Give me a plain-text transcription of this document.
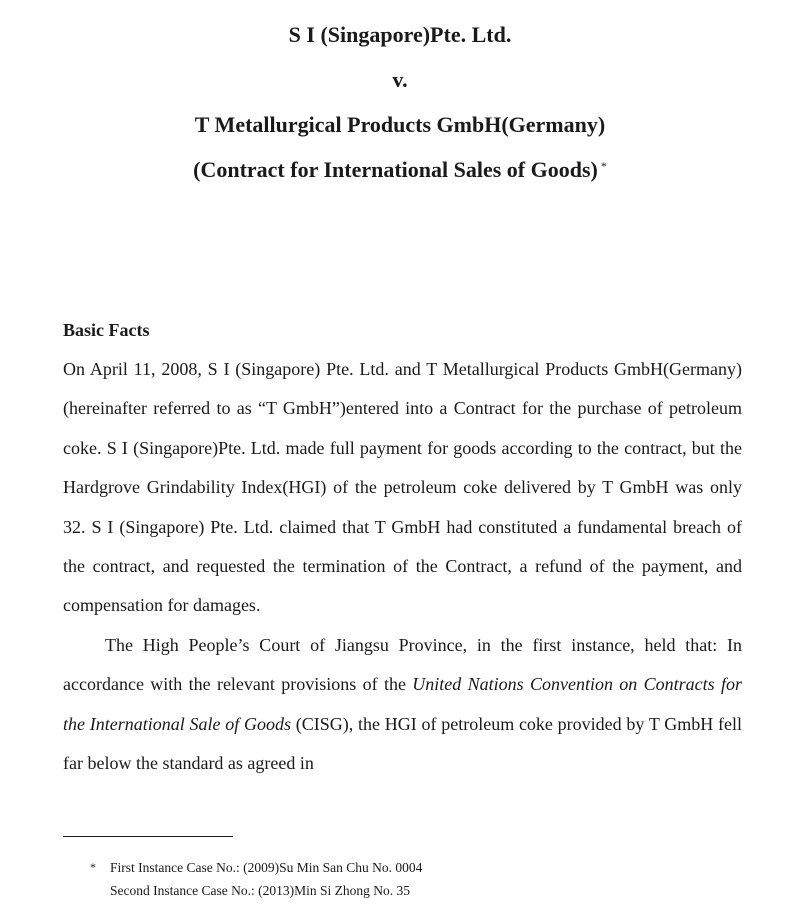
S I (Singapore)Pte. Ltd.
v.
T Metallurgical Products GmbH(Germany)
(Contract for International Sales of Goods) *
Basic Facts

On April 11, 2008, S I (Singapore) Pte. Ltd. and T Metallurgical Products GmbH(Germany)(hereinafter referred to as “T GmbH”)entered into a Contract for the purchase of petroleum coke. S I (Singapore)Pte. Ltd. made full payment for goods according to the contract, but the Hardgrove Grindability Index(HGI) of the petroleum coke delivered by T GmbH was only 32. S I (Singapore) Pte. Ltd. claimed that T GmbH had constituted a fundamental breach of the contract, and requested the termination of the Contract, a refund of the payment, and compensation for damages.

The High People’s Court of Jiangsu Province, in the first instance, held that: In accordance with the relevant provisions of the United Nations Convention on Contracts for the International Sale of Goods (CISG), the HGI of petroleum coke provided by T GmbH fell far below the standard as agreed in

* First Instance Case No.: (2009)Su Min San Chu No. 0004
Second Instance Case No.: (2013)Min Si Zhong No. 35
